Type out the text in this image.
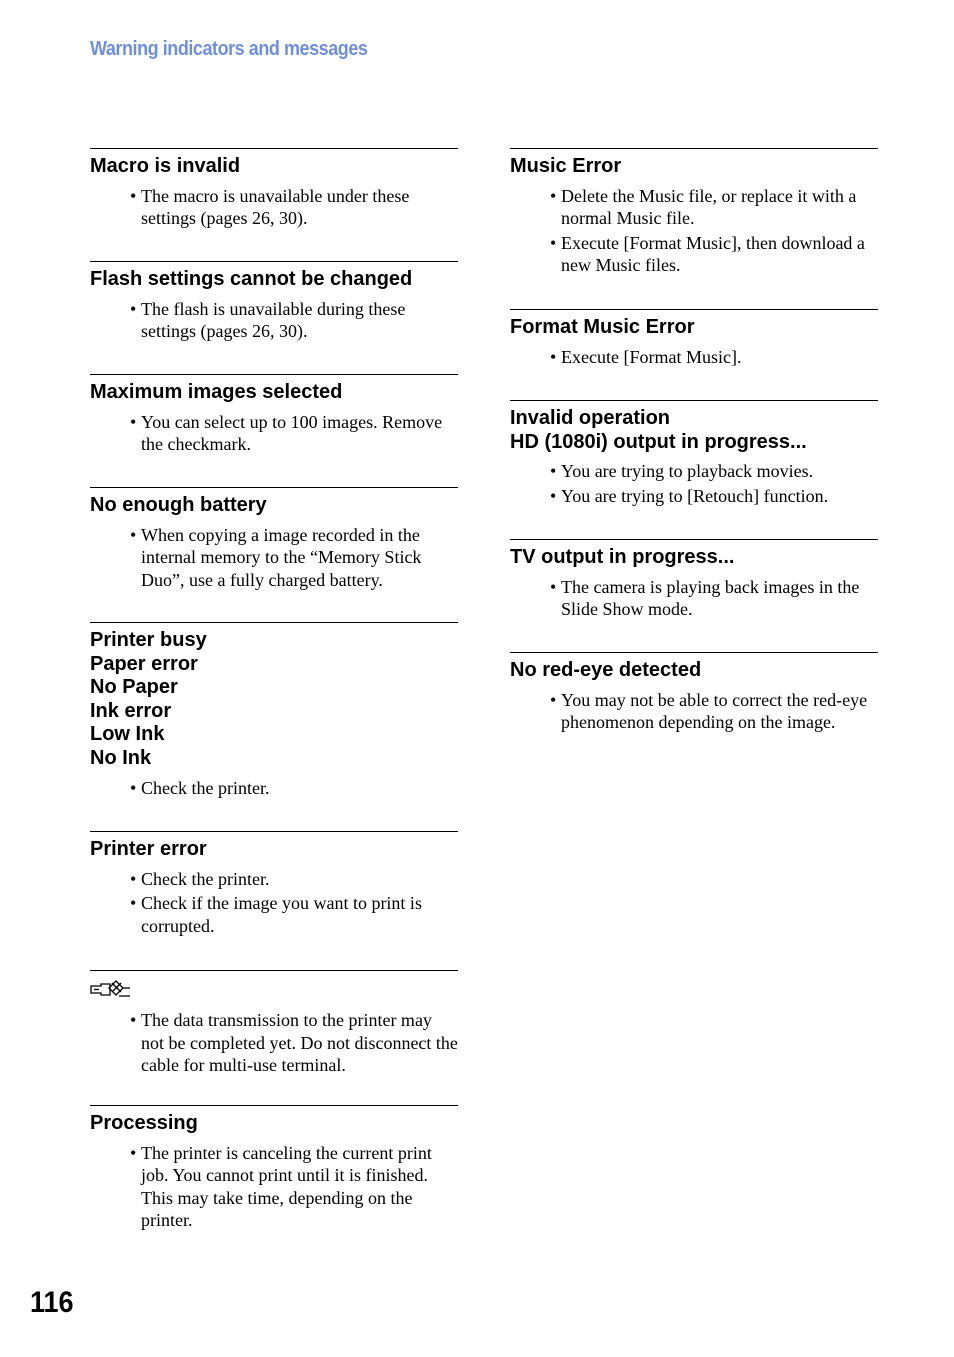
Warning indicators and messages
Macro is invalid
• The macro is unavailable under these settings (pages 26, 30).
Flash settings cannot be changed
• The flash is unavailable during these settings (pages 26, 30).
Maximum images selected
• You can select up to 100 images. Remove the checkmark.
No enough battery
• When copying a image recorded in the internal memory to the “Memory Stick Duo”, use a fully charged battery.
Printer busy
Paper error
No Paper
Ink error
Low Ink
No Ink
• Check the printer.
Printer error
• Check the printer.
• Check if the image you want to print is corrupted.
• The data transmission to the printer may not be completed yet. Do not disconnect the cable for multi-use terminal.
Processing
• The printer is canceling the current print job. You cannot print until it is finished. This may take time, depending on the printer.
Music Error
• Delete the Music file, or replace it with a normal Music file.
• Execute [Format Music], then download a new Music files.
Format Music Error
• Execute [Format Music].
Invalid operation
HD (1080i) output in progress...
• You are trying to playback movies.
• You are trying to [Retouch] function.
TV output in progress...
• The camera is playing back images in the Slide Show mode.
No red-eye detected
• You may not be able to correct the red-eye phenomenon depending on the image.
116
